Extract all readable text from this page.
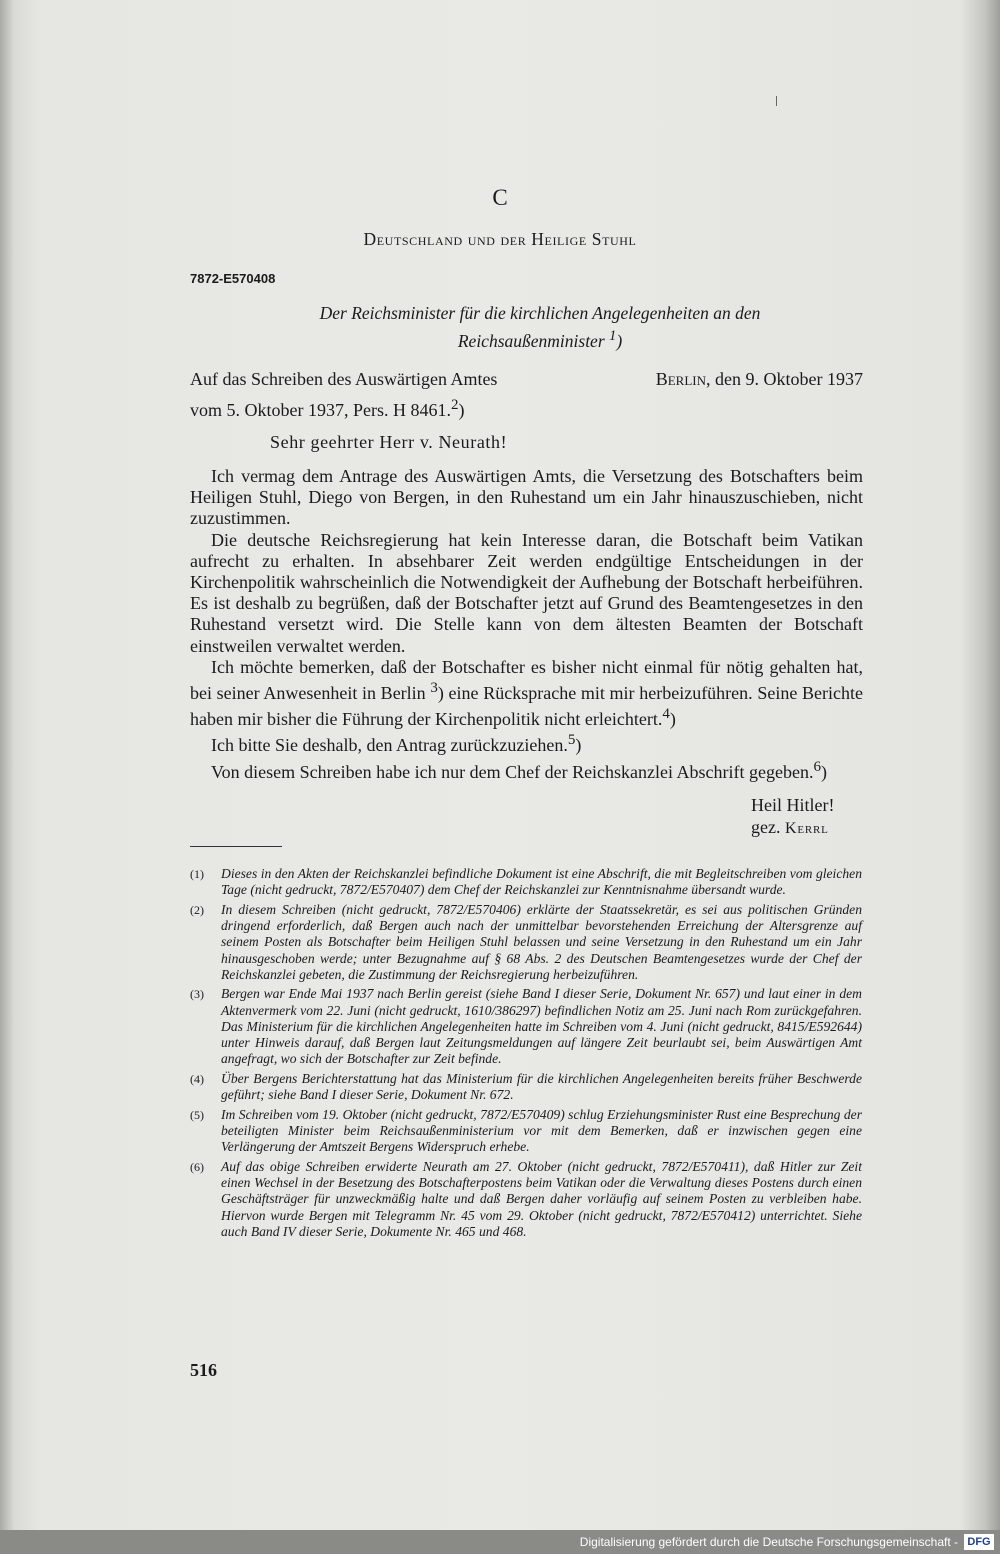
C
Deutschland und der Heilige Stuhl
7872-E570408
Der Reichsminister für die kirchlichen Angelegenheiten an den
Reichsaußenminister $^1$)
Auf das Schreiben des Auswärtigen Amtes
vom 5. Oktober 1937, Pers. H 8461.$^2$)
Berlin, den 9. Oktober 1937
Sehr geehrter Herr v. Neurath!

Ich vermag dem Antrage des Auswärtigen Amts, die Versetzung des Botschafters beim Heiligen Stuhl, Diego von Bergen, in den Ruhestand um ein Jahr hinauszuschieben, nicht zuzustimmen.

Die deutsche Reichsregierung hat kein Interesse daran, die Botschaft beim Vatikan aufrecht zu erhalten. In absehbarer Zeit werden endgültige Entscheidungen in der Kirchenpolitik wahrscheinlich die Notwendigkeit der Aufhebung der Botschaft herbeiführen. Es ist deshalb zu begrüßen, daß der Botschafter jetzt auf Grund des Beamtengesetzes in den Ruhestand versetzt wird. Die Stelle kann von dem ältesten Beamten der Botschaft einstweilen verwaltet werden.

Ich möchte bemerken, daß der Botschafter es bisher nicht einmal für nötig gehalten hat, bei seiner Anwesenheit in Berlin $^3$) eine Rücksprache mit mir herbeizuführen. Seine Berichte haben mir bisher die Führung der Kirchenpolitik nicht erleichtert.$^4$)

Ich bitte Sie deshalb, den Antrag zurückzuziehen.$^5$)

Von diesem Schreiben habe ich nur dem Chef der Reichskanzlei Abschrift gegeben.$^6$)

Heil Hitler!
gez. Kerrl
(1) Dieses in den Akten der Reichskanzlei befindliche Dokument ist eine Abschrift, die mit Begleitschreiben vom gleichen Tage (nicht gedruckt, 7872/E570407) dem Chef der Reichskanzlei zur Kenntnisnahme übersandt wurde.
(2) In diesem Schreiben (nicht gedruckt, 7872/E570406) erklärte der Staatssekretär, es sei aus politischen Gründen dringend erforderlich, daß Bergen auch nach der unmittelbar bevorstehenden Erreichung der Altersgrenze auf seinem Posten als Botschafter beim Heiligen Stuhl belassen und seine Versetzung in den Ruhestand um ein Jahr hinausgeschoben werde; unter Bezugnahme auf § 68 Abs. 2 des Deutschen Beamtengesetzes wurde der Chef der Reichskanzlei gebeten, die Zustimmung der Reichsregierung herbeizuführen.
(3) Bergen war Ende Mai 1937 nach Berlin gereist (siehe Band I dieser Serie, Dokument Nr. 657) und laut einer in dem Aktenvermerk vom 22. Juni (nicht gedruckt, 1610/386297) befindlichen Notiz am 25. Juni nach Rom zurückgefahren. Das Ministerium für die kirchlichen Angelegenheiten hatte im Schreiben vom 4. Juni (nicht gedruckt, 8415/E592644) unter Hinweis darauf, daß Bergen laut Zeitungsmeldungen auf längere Zeit beurlaubt sei, beim Auswärtigen Amt angefragt, wo sich der Botschafter zur Zeit befinde.
(4) Über Bergens Berichterstattung hat das Ministerium für die kirchlichen Angelegenheiten bereits früher Beschwerde geführt; siehe Band I dieser Serie, Dokument Nr. 672.
(5) Im Schreiben vom 19. Oktober (nicht gedruckt, 7872/E570409) schlug Erziehungsminister Rust eine Besprechung der beteiligten Minister beim Reichsaußenministerium vor mit dem Bemerken, daß er inzwischen gegen eine Verlängerung der Amtszeit Bergens Widerspruch erhebe.
(6) Auf das obige Schreiben erwiderte Neurath am 27. Oktober (nicht gedruckt, 7872/E570411), daß Hitler zur Zeit einen Wechsel in der Besetzung des Botschafterpostens beim Vatikan oder die Verwaltung dieses Postens durch einen Geschäftsträger für unzweckmäßig halte und daß Bergen daher vorläufig auf seinem Posten zu verbleiben habe. Hiervon wurde Bergen mit Telegramm Nr. 45 vom 29. Oktober (nicht gedruckt, 7872/E570412) unterrichtet. Siehe auch Band IV dieser Serie, Dokumente Nr. 465 und 468.
516
Digitalisierung gefördert durch die Deutsche Forschungsgemeinschaft - DFG
